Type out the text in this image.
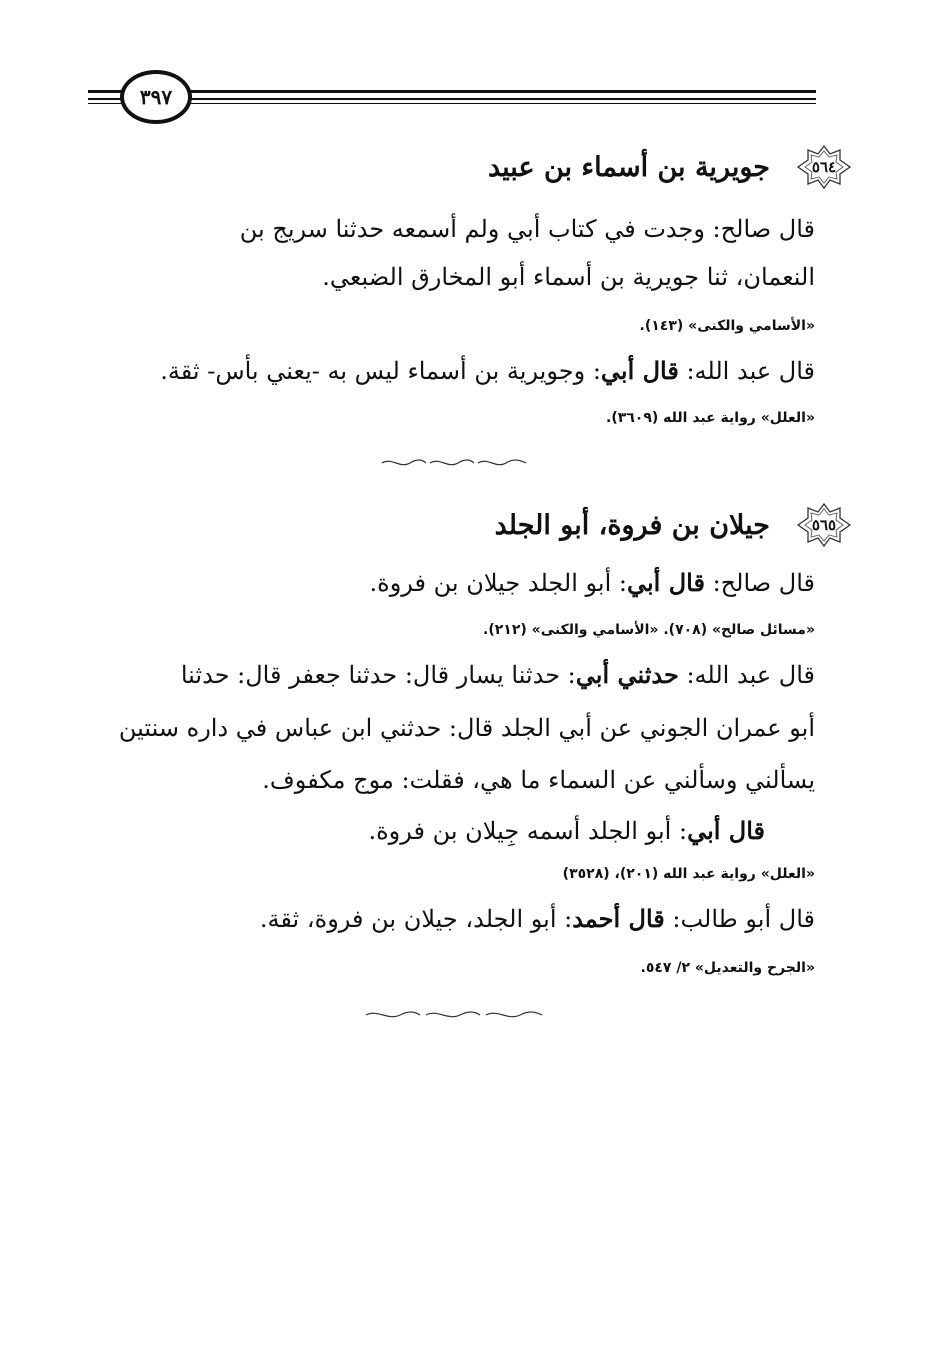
٣٩٧
٥٦٤
جويرية بن أسماء بن عبيد
قال صالح: وجدت في كتاب أبي ولم أسمعه حدثنا سريج بن
النعمان، ثنا جويرية بن أسماء أبو المخارق الضبعي.
«الأسامي والكنى» (١٤٣).
قال عبد الله: قال أبي: وجويرية بن أسماء ليس به -يعني بأس- ثقة.
«العلل» رواية عبد الله (٣٦٠٩).
٥٦٥
جيلان بن فروة، أبو الجلد
قال صالح: قال أبي: أبو الجلد جيلان بن فروة.
«مسائل صالح» (٧٠٨). «الأسامي والكنى» (٢١٢).
قال عبد الله: حدثني أبي: حدثنا يسار قال: حدثنا جعفر قال: حدثنا
أبو عمران الجوني عن أبي الجلد قال: حدثني ابن عباس في داره سنتين
يسألني وسألني عن السماء ما هي، فقلت: موج مكفوف.
قال أبي: أبو الجلد أسمه جِيلان بن فروة.
«العلل» رواية عبد الله (٢٠١)، (٣٥٢٨)
قال أبو طالب: قال أحمد: أبو الجلد، جيلان بن فروة، ثقة.
«الجرح والتعديل» ٢/ ٥٤٧.
